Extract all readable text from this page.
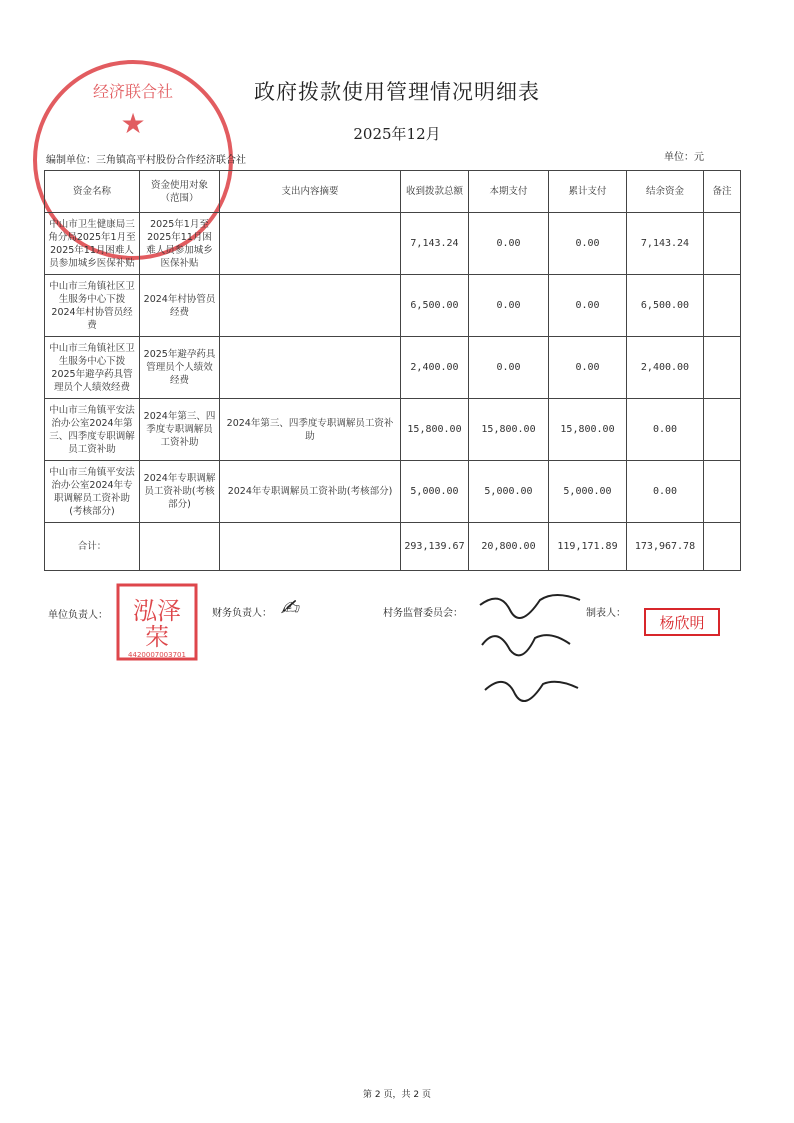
经济联合社
★
政府拨款使用管理情况明细表
2025年12月
编制单位：三角镇高平村股份合作经济联合社	单位：元
资金名称	资金使用对象（范围）	支出内容摘要	收到拨款总额	本期支付	累计支付	结余资金	备注
中山市卫生健康局三角分局2025年1月至2025年11月困难人员参加城乡医保补贴	2025年1月至2025年11月困难人员参加城乡医保补贴		7,143.24	0.00	0.00	7,143.24	
中山市三角镇社区卫生服务中心下拨2024年村协管员经费	2024年村协管员经费		6,500.00	0.00	0.00	6,500.00	
中山市三角镇社区卫生服务中心下拨2025年避孕药具管理员个人绩效经费	2025年避孕药具管理员个人绩效经费		2,400.00	0.00	0.00	2,400.00	
中山市三角镇平安法治办公室2024年第三、四季度专职调解员工资补助	2024年第三、四季度专职调解员工资补助	2024年第三、四季度专职调解员工资补助	15,800.00	15,800.00	15,800.00	0.00	
中山市三角镇平安法治办公室2024年专职调解员工资补助(考核部分)	2024年专职调解员工资补助(考核部分)	2024年专职调解员工资补助(考核部分)	5,000.00	5,000.00	5,000.00	0.00	
合计：			293,139.67	20,800.00	119,171.89	173,967.78	
单位负责人： 泓泽
荣
4420007003701
财务负责人： ✍︎	村务监督委员会：	制表人：
杨欣明
第 2 页，共 2 页
